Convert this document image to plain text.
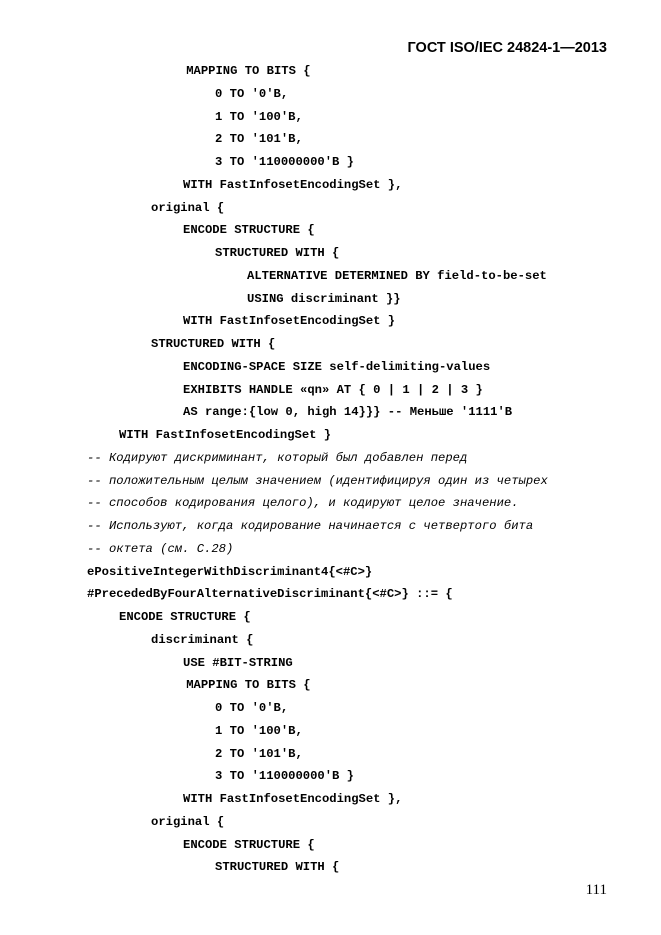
ГОСТ ISO/IEC 24824-1—2013
MAPPING TO BITS {
0 TO '0'B,
1 TO '100'B,
2 TO '101'B,
3 TO '110000000'B }
WITH FastInfosetEncodingSet },
original {
ENCODE STRUCTURE {
STRUCTURED WITH {
ALTERNATIVE DETERMINED BY field-to-be-set
USING discriminant }}
WITH FastInfosetEncodingSet }
STRUCTURED WITH {
ENCODING-SPACE SIZE self-delimiting-values
EXHIBITS HANDLE «qn» AT { 0 | 1 | 2 | 3 }
AS range:{low 0, high 14}}} -- Меньше '1111'B
WITH FastInfosetEncodingSet }
-- Кодируют дискриминант, который был добавлен перед
-- положительным целым значением (идентифицируя один из четырех
-- способов кодирования целого), и кодируют целое значение.
-- Используют, когда кодирование начинается с четвертого бита
-- октета (см. С.28)
ePositiveIntegerWithDiscriminant4{<#C>}
#PrecededByFourAlternativeDiscriminant{<#C>} ::= {
ENCODE STRUCTURE {
discriminant {
USE #BIT-STRING
MAPPING TO BITS {
0 TO '0'B,
1 TO '100'B,
2 TO '101'B,
3 TO '110000000'B }
WITH FastInfosetEncodingSet },
original {
ENCODE STRUCTURE {
STRUCTURED WITH {
111
